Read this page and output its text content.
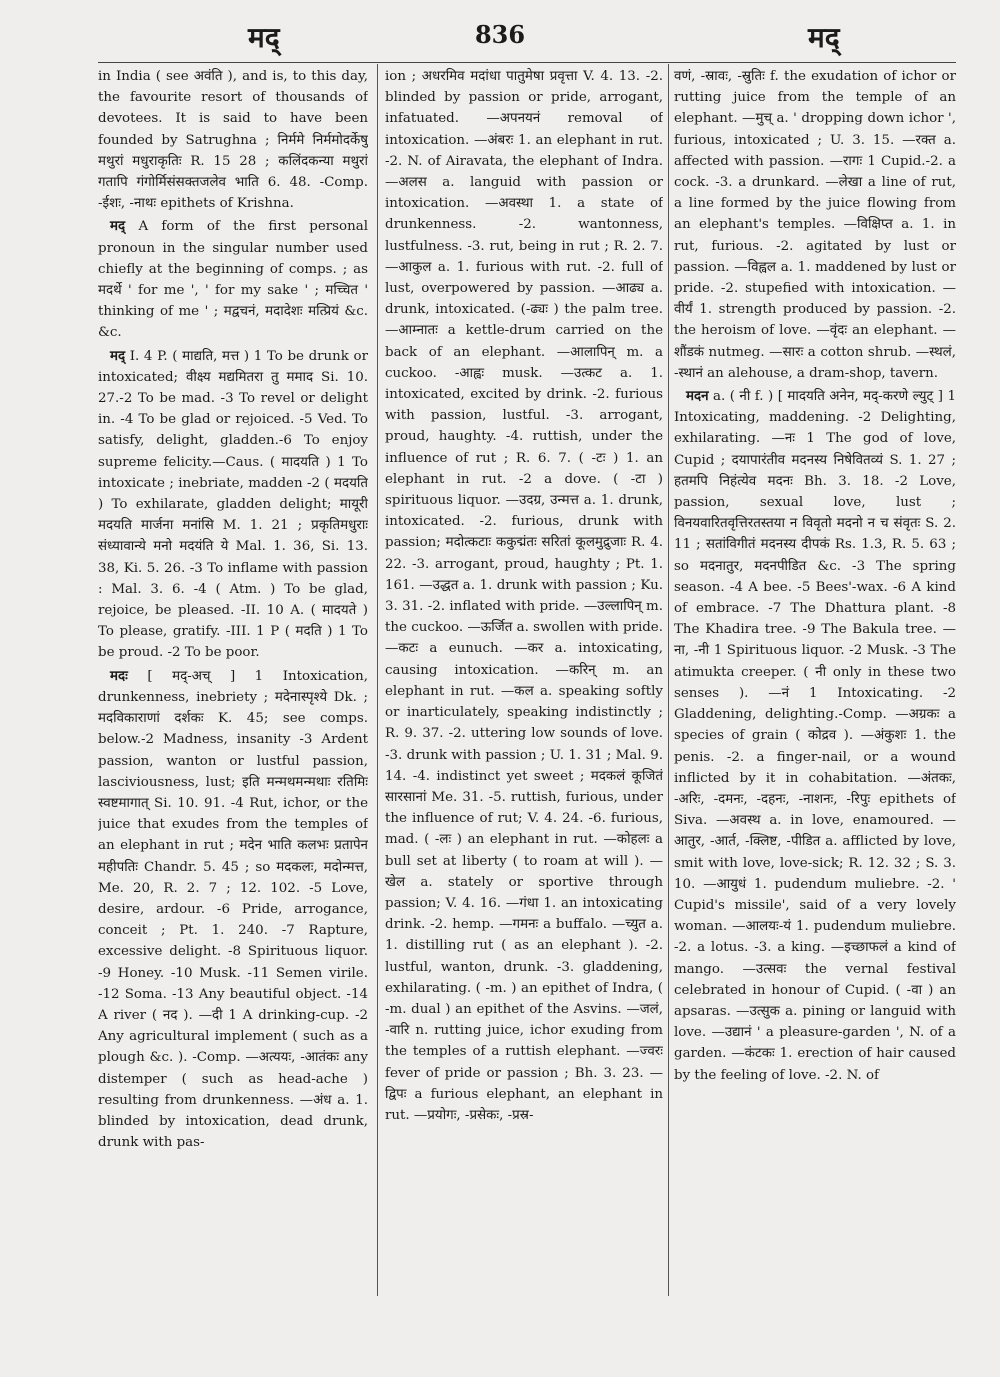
मद्	836	मद्

in India ( see अवंति ), and is, to this day, the favourite resort of thousands of devotees. It is said to have been founded by Satrughna ; निर्ममे निर्ममोदर्केषु मथुरां मधुराकृतिः R. 15 28 ; कलिंदकन्या मथुरां गतापि गंगोर्मिसंसक्तजलेव भाति 6. 48. -Comp. -ईशः, -नाथः epithets of Krishna.

मद् A form of the first personal pronoun in the singular number used chiefly at the beginning of comps. ; as मदर्थे ' for me ', ' for my sake ' ; मच्चित ' thinking of me ' ; मद्वचनं, मदादेशः मत्प्रियं &c. &c.

मद् I. 4 P. ( माद्यति, मत्त ) 1 To be drunk or intoxicated; वीक्ष्य मद्यमितरा तु ममाद Si. 10. 27.-2 To be mad. -3 To revel or delight in. -4 To be glad or rejoiced. -5 Ved. To satisfy, delight, gladden.-6 To enjoy supreme felicity.—Caus. ( मादयति ) 1 To intoxicate ; inebriate, madden -2 ( मदयति ) To exhilarate, gladden delight; मायूरी मदयति मार्जना मनांसि M. 1. 21 ; प्रकृतिमधुराः संध्यावान्ये मनो मदयंति ये Mal. 1. 36, Si. 13. 38, Ki. 5. 26. -3 To inflame with passion : Mal. 3. 6. -4 ( Atm. ) To be glad, rejoice, be pleased. -II. 10 A. ( मादयते ) To please, gratify. -III. 1 P ( मदति ) 1 To be proud. -2 To be poor.

मदः [ मद्-अच् ] 1 Intoxication, drunkenness, inebriety ; मदेनास्पृश्ये Dk. ; मदविकाराणां दर्शकः K. 45; see comps. below.-2 Madness, insanity -3 Ardent passion, wanton or lustful passion, lasciviousness, lust; इति मन्मथमन्मथाः रतिमिः स्वष्टमागात् Si. 10. 91. -4 Rut, ichor, or the juice that exudes from the temples of an elephant in rut ; मदेन भाति कलभः प्रतापेन महीपतिः Chandr. 5. 45 ; so मदकलः, मदोन्मत्त, Me. 20, R. 2. 7 ; 12. 102. -5 Love, desire, ardour. -6 Pride, arrogance, conceit ; Pt. 1. 240. -7 Rapture, excessive delight. -8 Spirituous liquor. -9 Honey. -10 Musk. -11 Semen virile. -12 Soma. -13 Any beautiful object. -14 A river ( नद ). —दी 1 A drinking-cup. -2 Any agricultural implement ( such as a plough &c. ). -Comp. —अत्ययः, -आतंकः any distemper ( such as head-ache ) resulting from drunkenness. —अंध a. 1. blinded by intoxication, dead drunk, drunk with pas-

ion ; अधरमिव मदांधा पातुमेषा प्रवृत्ता V. 4. 13. -2. blinded by passion or pride, arrogant, infatuated. —अपनयनं removal of intoxication. —अंबरः 1. an elephant in rut. -2. N. of Airavata, the elephant of Indra. —अलस a. languid with passion or intoxication. —अवस्था 1. a state of drunkenness. -2. wantonness, lustfulness. -3. rut, being in rut ; R. 2. 7. —आकुल a. 1. furious with rut. -2. full of lust, overpowered by passion. —आढ्य a. drunk, intoxicated. (-ढ्यः ) the palm tree. —आम्नातः a kettle-drum carried on the back of an elephant. —आलापिन् m. a cuckoo. -आह्वः musk. —उत्कट a. 1. intoxicated, excited by drink. -2. furious with passion, lustful. -3. arrogant, proud, haughty. -4. ruttish, under the influence of rut ; R. 6. 7. ( -टः ) 1. an elephant in rut. -2 a dove. ( -टा ) spirituous liquor. —उदग्र, उन्मत्त a. 1. drunk, intoxicated. -2. furious, drunk with passion; मदोत्कटाः ककुद्मंतः सरितां कूलमुद्रुजाः R. 4. 22. -3. arrogant, proud, haughty ; Pt. 1. 161. —उद्धत a. 1. drunk with passion ; Ku. 3. 31. -2. inflated with pride. —उल्लापिन् m. the cuckoo. —ऊर्जित a. swollen with pride. —कटः a eunuch. —कर a. intoxicating, causing intoxication. —करिन् m. an elephant in rut. —कल a. speaking softly or inarticulately, speaking indistinctly ; R. 9. 37. -2. uttering low sounds of love. -3. drunk with passion ; U. 1. 31 ; Mal. 9. 14. -4. indistinct yet sweet ; मदकलं कूजितं सारसानां Me. 31. -5. ruttish, furious, under the influence of rut; V. 4. 24. -6. furious, mad. ( -लः ) an elephant in rut. —कोहलः a bull set at liberty ( to roam at will ). —खेल a. stately or sportive through passion; V. 4. 16. —गंधा 1. an intoxicating drink. -2. hemp. —गमनः a buffalo. —च्युत a. 1. distilling rut ( as an elephant ). -2. lustful, wanton, drunk. -3. gladdening, exhilarating. ( -m. ) an epithet of Indra, ( -m. dual ) an epithet of the Asvins. —जलं, -वारि n. rutting juice, ichor exuding from the temples of a ruttish elephant. —ज्वरः fever of pride or passion ; Bh. 3. 23. —द्विपः a furious elephant, an elephant in rut. —प्रयोगः, -प्रसेकः, -प्रस्र-

वणं, -स्रावः, -स्रुतिः f. the exudation of ichor or rutting juice from the temple of an elephant. —मुच् a. ' dropping down ichor ', furious, intoxicated ; U. 3. 15. —रक्त a. affected with passion. —रागः 1 Cupid.-2. a cock. -3. a drunkard. —लेखा a line of rut, a line formed by the juice flowing from an elephant's temples. —विक्षिप्त a. 1. in rut, furious. -2. agitated by lust or passion. —विह्वल a. 1. maddened by lust or pride. -2. stupefied with intoxication. —वीर्यं 1. strength produced by passion. -2. the heroism of love. —वृंदः an elephant. —शौंडकं nutmeg. —सारः a cotton shrub. —स्थलं, -स्थानं an alehouse, a dram-shop, tavern.

मदन a. ( नी f. ) [ मादयति अनेन, मद्-करणे ल्युट् ] 1 Intoxicating, maddening. -2 Delighting, exhilarating. —नः 1 The god of love, Cupid ; दयापारंतीव मदनस्य निषेवितव्यं S. 1. 27 ; हतमपि निहंत्येव मदनः Bh. 3. 18. -2 Love, passion, sexual love, lust ; विनयवारितवृत्तिरतस्तया न विवृतो मदनो न च संवृतः S. 2. 11 ; सतांविगीतं मदनस्य दीपकं Rs. 1.3, R. 5. 63 ; so मदनातुर, मदनपीडित &c. -3 The spring season. -4 A bee. -5 Bees'-wax. -6 A kind of embrace. -7 The Dhattura plant. -8 The Khadira tree. -9 The Bakula tree. —ना, -नी 1 Spirituous liquor. -2 Musk. -3 The atimukta creeper. ( नी only in these two senses ). —नं 1 Intoxicating. -2 Gladdening, delighting.-Comp. —अग्रकः a species of grain ( कोद्रव ). —अंकुशः 1. the penis. -2. a finger-nail, or a wound inflicted by it in cohabitation. —अंतकः, -अरिः, -दमनः, -दहनः, -नाशनः, -रिपुः epithets of Siva. —अवस्थ a. in love, enamoured. —आतुर, -आर्त, -क्लिष्ट, -पीडित a. afflicted by love, smit with love, love-sick; R. 12. 32 ; S. 3. 10. —आयुधं 1. pudendum muliebre. -2. ' Cupid's missile', said of a very lovely woman. —आलयः-यं 1. pudendum muliebre. -2. a lotus. -3. a king. —इच्छाफलं a kind of mango. —उत्सवः the vernal festival celebrated in honour of Cupid. ( -वा ) an apsaras. —उत्सुक a. pining or languid with love. —उद्यानं ' a pleasure-garden ', N. of a garden. —कंटकः 1. erection of hair caused by the feeling of love. -2. N. of
